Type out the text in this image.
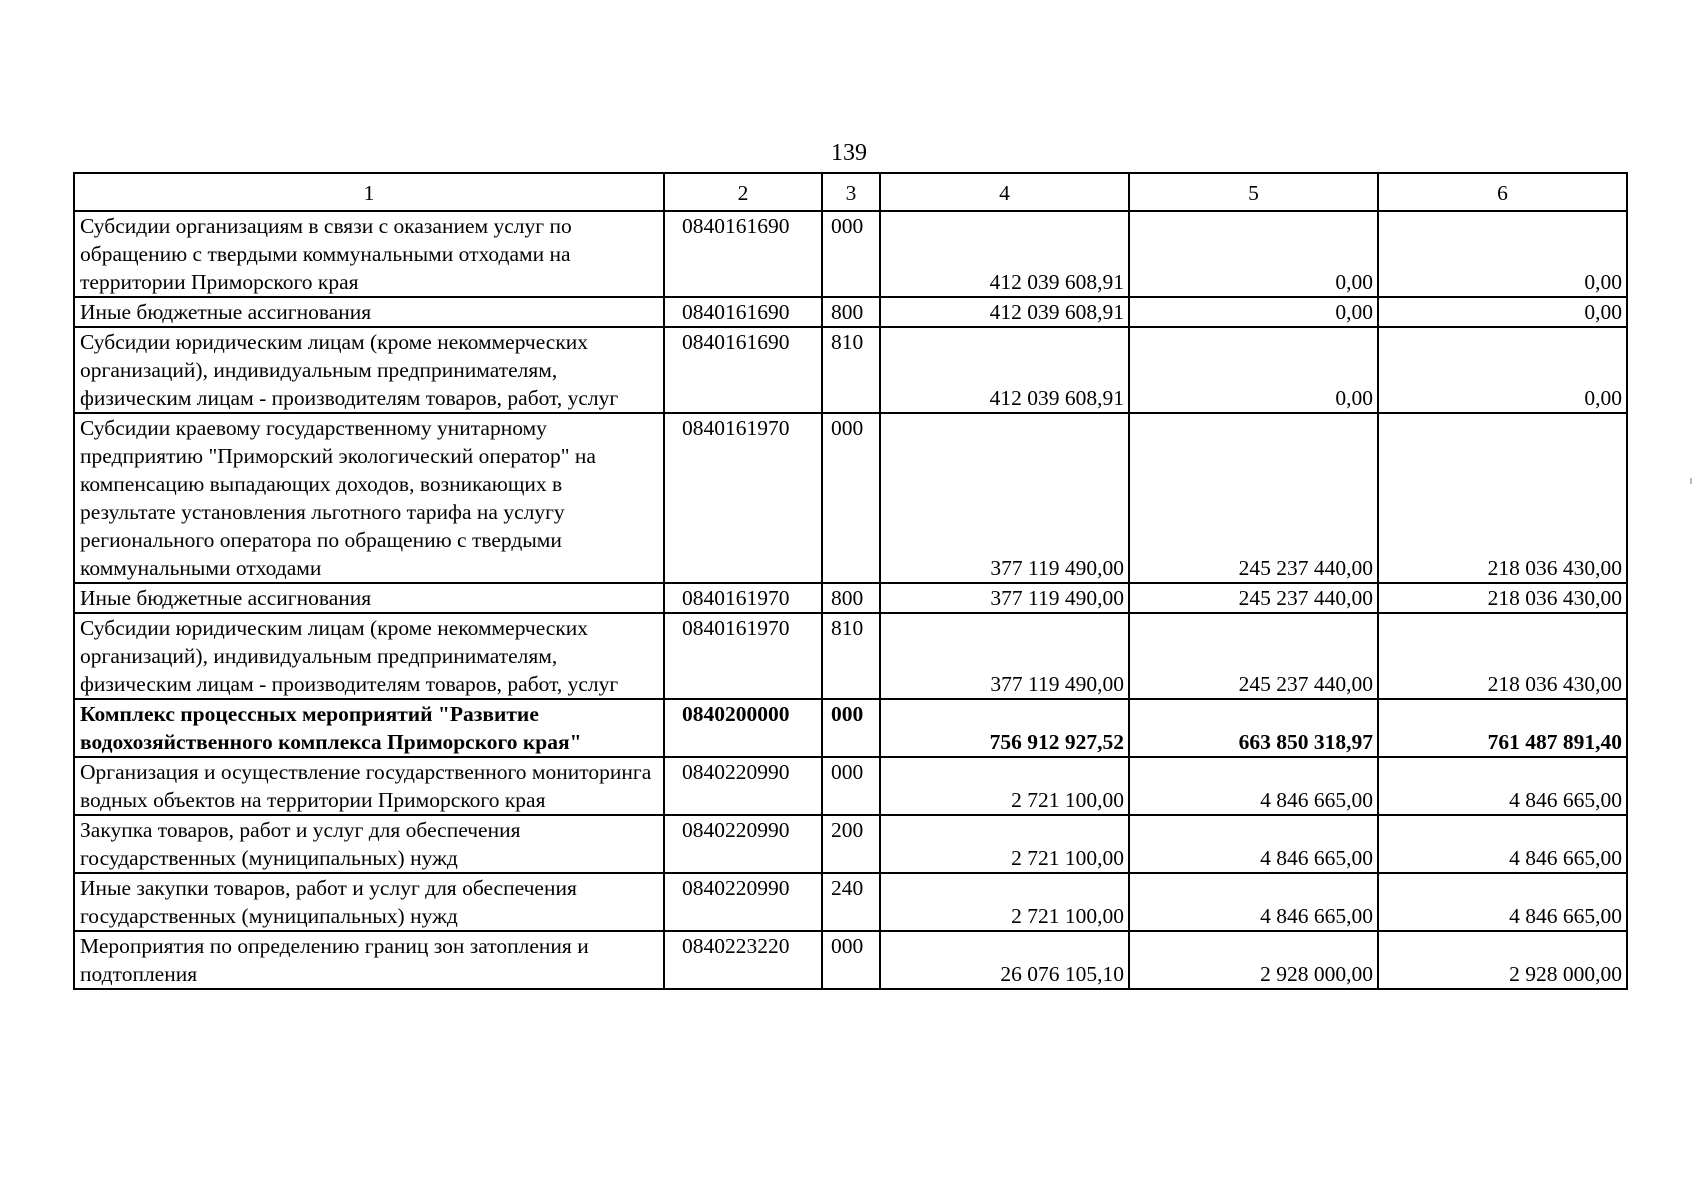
139
1	2	3	4	5	6
Субсидии организациям в связи с оказанием услуг по обращению с твердыми коммунальными отходами на территории Приморского края	0840161690	000	412 039 608,91	0,00	0,00
Иные бюджетные ассигнования	0840161690	800	412 039 608,91	0,00	0,00
Субсидии юридическим лицам (кроме некоммерческих организаций), индивидуальным предпринимателям, физическим лицам - производителям товаров, работ, услуг	0840161690	810	412 039 608,91	0,00	0,00
Субсидии краевому государственному унитарному предприятию "Приморский экологический оператор" на компенсацию выпадающих доходов, возникающих в результате установления льготного тарифа на услугу регионального оператора по обращению с твердыми коммунальными отходами	0840161970	000	377 119 490,00	245 237 440,00	218 036 430,00
Иные бюджетные ассигнования	0840161970	800	377 119 490,00	245 237 440,00	218 036 430,00
Субсидии юридическим лицам (кроме некоммерческих организаций), индивидуальным предпринимателям, физическим лицам - производителям товаров, работ, услуг	0840161970	810	377 119 490,00	245 237 440,00	218 036 430,00
Комплекс процессных мероприятий "Развитие водохозяйственного комплекса Приморского края"	0840200000	000	756 912 927,52	663 850 318,97	761 487 891,40
Организация и осуществление государственного мониторинга водных объектов на территории Приморского края	0840220990	000	2 721 100,00	4 846 665,00	4 846 665,00
Закупка товаров, работ и услуг для обеспечения государственных (муниципальных) нужд	0840220990	200	2 721 100,00	4 846 665,00	4 846 665,00
Иные закупки товаров, работ и услуг для обеспечения государственных (муниципальных) нужд	0840220990	240	2 721 100,00	4 846 665,00	4 846 665,00
Мероприятия по определению границ зон затопления и подтопления	0840223220	000	26 076 105,10	2 928 000,00	2 928 000,00
